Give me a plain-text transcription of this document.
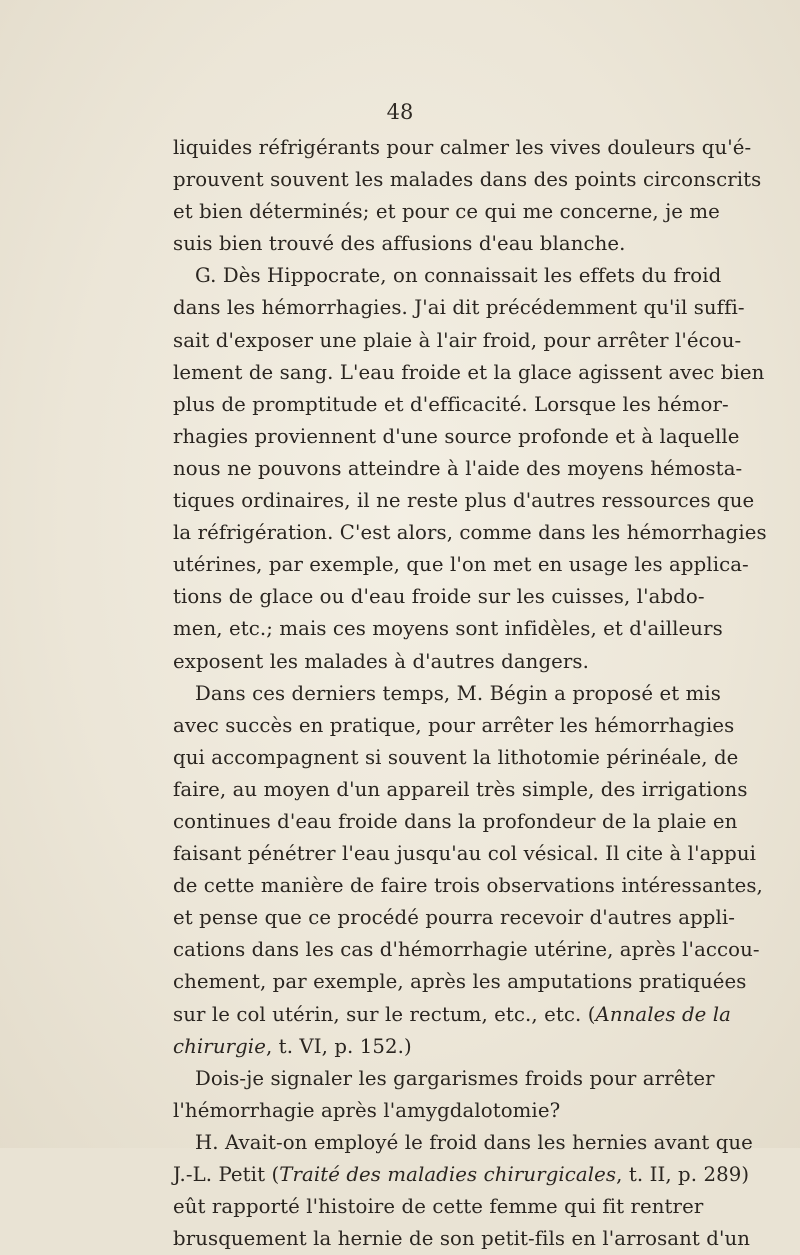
48
liquides réfrigérants pour calmer les vives douleurs qu'é-
prouvent souvent les malades dans des points circonscrits
et bien déterminés; et pour ce qui me concerne, je me
suis bien trouvé des affusions d'eau blanche.
G. Dès Hippocrate, on connaissait les effets du froid
dans les hémorrhagies. J'ai dit précédemment qu'il suffi-
sait d'exposer une plaie à l'air froid, pour arrêter l'écou-
lement de sang. L'eau froide et la glace agissent avec bien
plus de promptitude et d'efficacité. Lorsque les hémor-
rhagies proviennent d'une source profonde et à laquelle
nous ne pouvons atteindre à l'aide des moyens hémosta-
tiques ordinaires, il ne reste plus d'autres ressources que
la réfrigération. C'est alors, comme dans les hémorrhagies
utérines, par exemple, que l'on met en usage les applica-
tions de glace ou d'eau froide sur les cuisses, l'abdo-
men, etc.; mais ces moyens sont infidèles, et d'ailleurs
exposent les malades à d'autres dangers.
Dans ces derniers temps, M. Bégin a proposé et mis
avec succès en pratique, pour arrêter les hémorrhagies
qui accompagnent si souvent la lithotomie périnéale, de
faire, au moyen d'un appareil très simple, des irrigations
continues d'eau froide dans la profondeur de la plaie en
faisant pénétrer l'eau jusqu'au col vésical. Il cite à l'appui
de cette manière de faire trois observations intéressantes,
et pense que ce procédé pourra recevoir d'autres appli-
cations dans les cas d'hémorrhagie utérine, après l'accou-
chement, par exemple, après les amputations pratiquées
sur le col utérin, sur le rectum, etc., etc. (Annales de la
chirurgie, t. VI, p. 152.)
Dois-je signaler les gargarismes froids pour arrêter
l'hémorrhagie après l'amygdalotomie?
H. Avait-on employé le froid dans les hernies avant que
J.-L. Petit (Traité des maladies chirurgicales, t. II, p. 289)
eût rapporté l'histoire de cette femme qui fit rentrer
brusquement la hernie de son petit-fils en l'arrosant d'un
